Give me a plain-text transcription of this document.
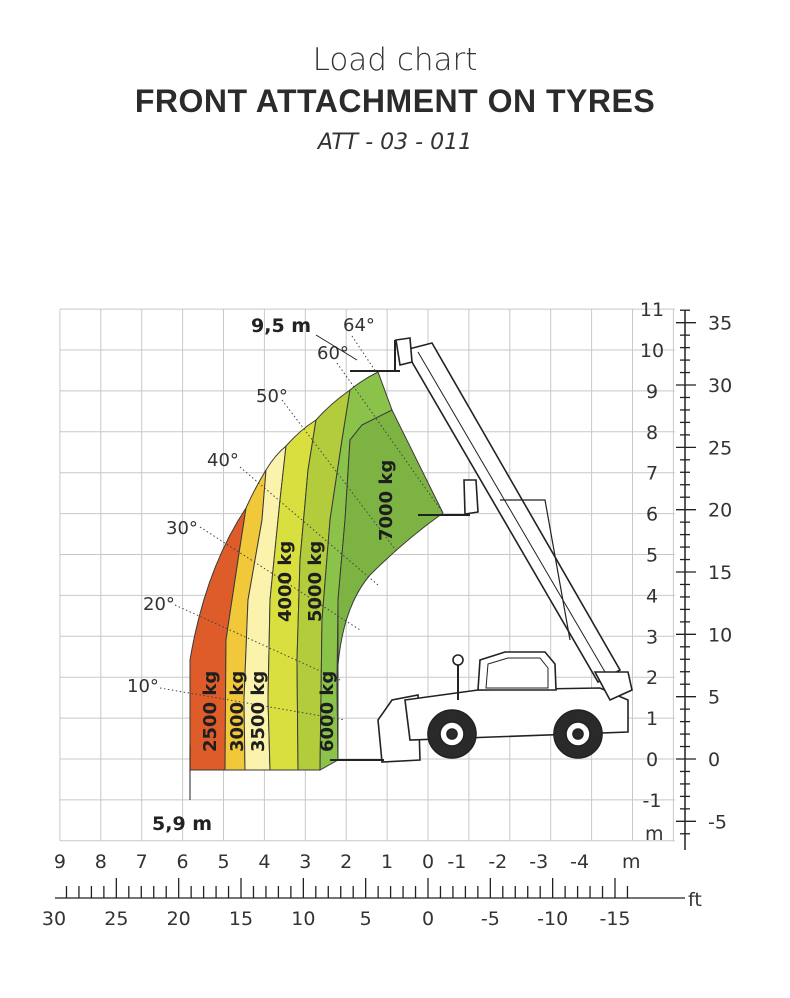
Load chart
FRONT ATTACHMENT ON TYRES
ATT - 03 - 011
64°
60°
50°
40°
30°
20°
10°
9,5 m
5,9 m
2500 kg 3000 kg 3500 kg
4000 kg 5000 kg
6000 kg
7000 kg
11
10
9
8
7
6
5
4
3
2
1
0
-1
35
30
25
20
15
10
5
0
-5
9 8 7 6 5 4 3 2 1 0 -1 -2 -3 -4
30 25 20 15 10 5	0 -5 -10 -15
m
ft
m
